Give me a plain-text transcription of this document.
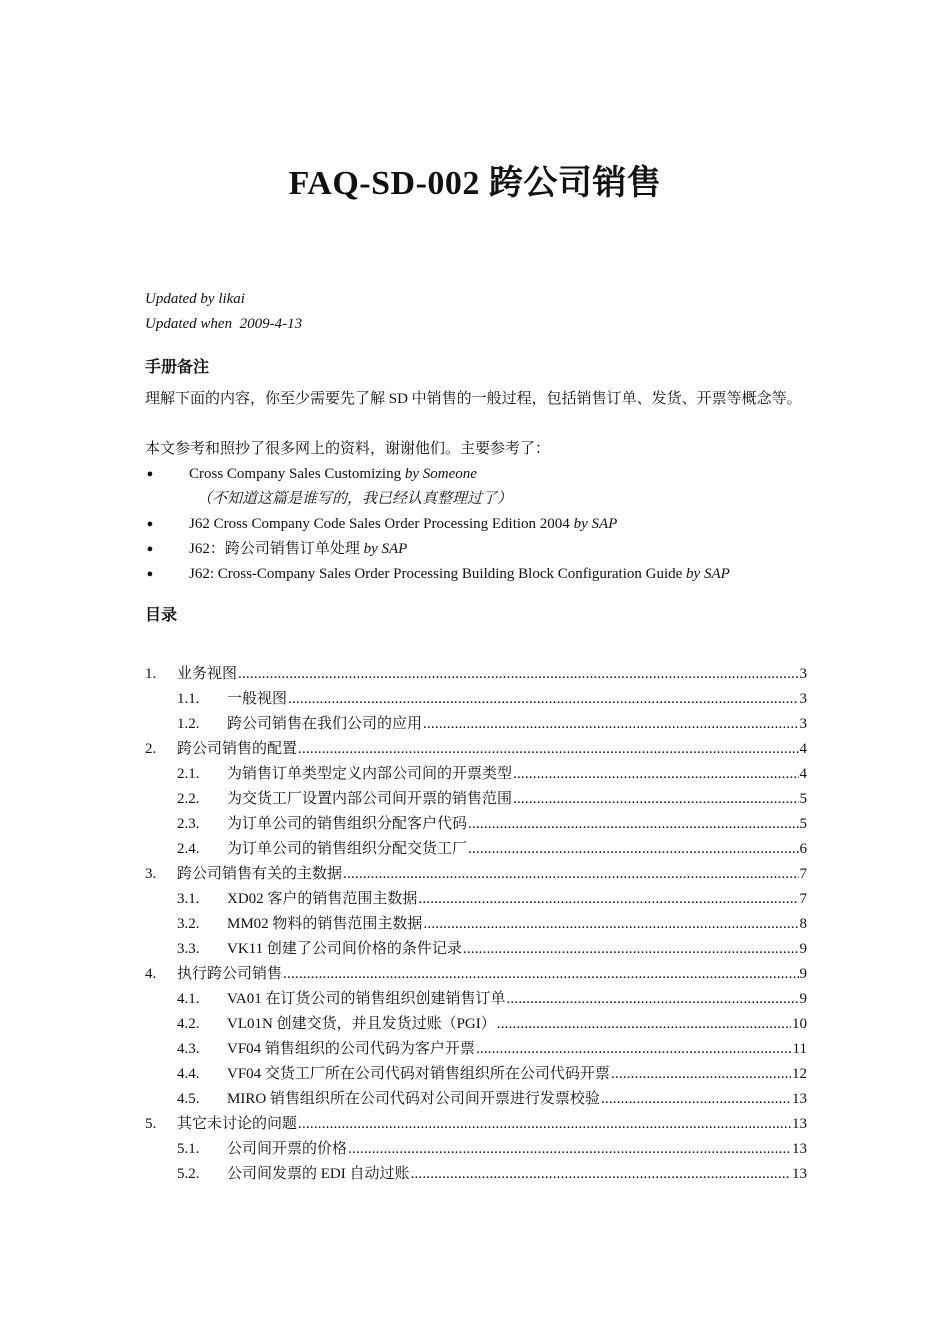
FAQ-SD-002 跨公司销售
Updated by likai
Updated when 2009-4-13
手册备注
理解下面的内容，你至少需要先了解 SD 中销售的一般过程，包括销售订单、发货、开票等概念等。
本文参考和照抄了很多网上的资料，谢谢他们。主要参考了：
● Cross Company Sales Customizing by Someone
（不知道这篇是谁写的，我已经认真整理过了）
● J62 Cross Company Code Sales Order Processing Edition 2004 by SAP
● J62：跨公司销售订单处理 by SAP
● J62: Cross-Company Sales Order Processing Building Block Configuration Guide by SAP
目录
1.	业务视图 .....	3
1.1.	一般视图 .....	3
1.2.	跨公司销售在我们公司的应用 .....	3
2.	跨公司销售的配置 .....	4
2.1.	为销售订单类型定义内部公司间的开票类型 .....	4
2.2.	为交货工厂设置内部公司间开票的销售范围 .....	5
2.3.	为订单公司的销售组织分配客户代码 .....	5
2.4.	为订单公司的销售组织分配交货工厂 .....	6
3.	跨公司销售有关的主数据 .....	7
3.1.	XD02 客户的销售范围主数据 .....	7
3.2.	MM02 物料的销售范围主数据 .....	8
3.3.	VK11 创建了公司间价格的条件记录 .....	9
4.	执行跨公司销售 .....	9
4.1.	VA01 在订货公司的销售组织创建销售订单 .....	9
4.2.	VL01N 创建交货，并且发货过账（PGI） .....	10
4.3.	VF04 销售组织的公司代码为客户开票 .....	11
4.4.	VF04 交货工厂所在公司代码对销售组织所在公司代码开票 .....	12
4.5.	MIRO 销售组织所在公司代码对公司间开票进行发票校验 .....	13
5.	其它未讨论的问题 .....	13
5.1.	公司间开票的价格 .....	13
5.2.	公司间发票的 EDI 自动过账 .....	13
